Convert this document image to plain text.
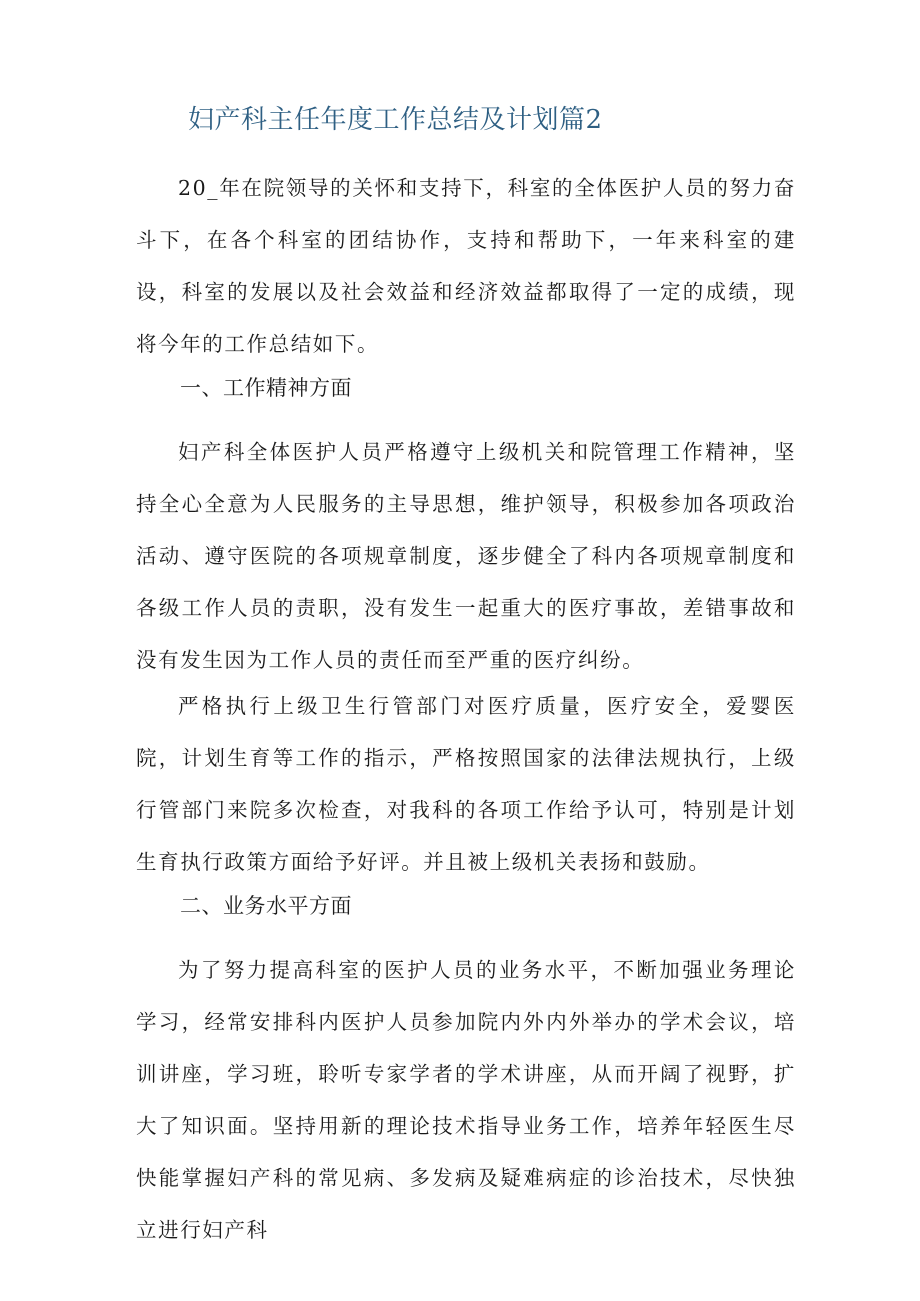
妇产科主任年度工作总结及计划篇2

20_年在院领导的关怀和支持下，科室的全体医护人员的努力奋斗下，在各个科室的团结协作，支持和帮助下，一年来科室的建设，科室的发展以及社会效益和经济效益都取得了一定的成绩，现将今年的工作总结如下。

一、工作精神方面

妇产科全体医护人员严格遵守上级机关和院管理工作精神，坚持全心全意为人民服务的主导思想，维护领导，积极参加各项政治活动、遵守医院的各项规章制度，逐步健全了科内各项规章制度和各级工作人员的责职，没有发生一起重大的医疗事故，差错事故和没有发生因为工作人员的责任而至严重的医疗纠纷。

严格执行上级卫生行管部门对医疗质量，医疗安全，爱婴医院，计划生育等工作的指示，严格按照国家的法律法规执行，上级行管部门来院多次检查，对我科的各项工作给予认可，特别是计划生育执行政策方面给予好评。并且被上级机关表扬和鼓励。

二、业务水平方面

为了努力提高科室的医护人员的业务水平，不断加强业务理论学习，经常安排科内医护人员参加院内外内外举办的学术会议，培训讲座，学习班，聆听专家学者的学术讲座，从而开阔了视野，扩大了知识面。坚持用新的理论技术指导业务工作，培养年轻医生尽快能掌握妇产科的常见病、多发病及疑难病症的诊治技术，尽快独立进行妇产科
